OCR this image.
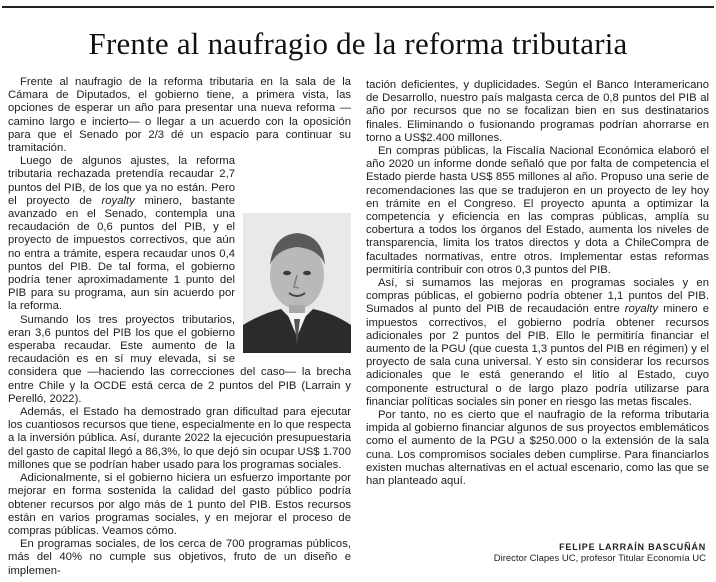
Frente al naufragio de la reforma tributaria

Frente al naufragio de la reforma tributaria en la sala de la Cámara de Diputados, el gobierno tiene, a primera vista, las opciones de esperar un año para presentar una nueva reforma —camino largo e incierto— o llegar a un acuerdo con la oposición para que el Senado por 2/3 dé un espacio para continuar su tramitación.

Luego de algunos ajustes, la reforma tributaria rechazada pretendía recaudar 2,7 puntos del PIB, de los que ya no están. Pero el proyecto de royalty minero, bastante avanzado en el Senado, contempla una recaudación de 0,6 puntos del PIB, y el proyecto de impuestos correctivos, que aún no entra a trámite, espera recaudar unos 0,4 puntos del PIB. De tal forma, el gobierno podría tener aproximadamente 1 punto del PIB para su programa, aun sin acuerdo por la reforma.

Sumando los tres proyectos tributarios, eran 3,6 puntos del PIB los que el gobierno esperaba recaudar. Este aumento de la recaudación es en sí muy elevada, si se considera que —haciendo las correcciones del caso— la brecha entre Chile y la OCDE está cerca de 2 puntos del PIB (Larrain y Perelló, 2022).

Además, el Estado ha demostrado gran dificultad para ejecutar los cuantiosos recursos que tiene, especialmente en lo que respecta a la inversión pública. Así, durante 2022 la ejecución presupuestaria del gasto de capital llegó a 86,3%, lo que dejó sin ocupar US$ 1.700 millones que se podrían haber usado para los programas sociales.

Adicionalmente, si el gobierno hiciera un esfuerzo importante por mejorar en forma sostenida la calidad del gasto público podría obtener recursos por algo más de 1 punto del PIB. Estos recursos están en varios programas sociales, y en mejorar el proceso de compras públicas. Veamos cómo.

En programas sociales, de los cerca de 700 programas públicos, más del 40% no cumple sus objetivos, fruto de un diseño e implemen-

tación deficientes, y duplicidades. Según el Banco Interamericano de Desarrollo, nuestro país malgasta cerca de 0,8 puntos del PIB al año por recursos que no se focalizan bien en sus destinatarios finales. Eliminando o fusionando programas podrían ahorrarse en torno a US$2.400 millones.

En compras públicas, la Fiscalía Nacional Económica elaboró el año 2020 un informe donde señaló que por falta de competencia el Estado pierde hasta US$ 855 millones al año. Propuso una serie de recomendaciones las que se tradujeron en un proyecto de ley hoy en trámite en el Congreso. El proyecto apunta a optimizar la competencia y eficiencia en las compras públicas, amplía su cobertura a todos los órganos del Estado, aumenta los niveles de transparencia, limita los tratos directos y dota a ChileCompra de facultades normativas, entre otros. Implementar estas reformas permitiría contribuir con otros 0,3 puntos del PIB.

Así, si sumamos las mejoras en programas sociales y en compras públicas, el gobierno podría obtener 1,1 puntos del PIB. Sumados al punto del PIB de recaudación entre royalty minero e impuestos correctivos, el gobierno podría obtener recursos adicionales por 2 puntos del PIB. Ello le permitiría financiar el aumento de la PGU (que cuesta 1,3 puntos del PIB en régimen) y el proyecto de sala cuna universal. Y esto sin considerar los recursos adicionales que le está generando el litio al Estado, cuyo componente estructural o de largo plazo podría utilizarse para financiar políticas sociales sin poner en riesgo las metas fiscales.

Por tanto, no es cierto que el naufragio de la reforma tributaria impida al gobierno financiar algunos de sus proyectos emblemáticos como el aumento de la PGU a $250.000 o la extensión de la sala cuna. Los compromisos sociales deben cumplirse. Para financiarlos existen muchas alternativas en el actual escenario, como las que se han planteado aquí.

FELIPE LARRAÍN BASCUÑÁN
Director Clapes UC, profesor Titular Economía UC
